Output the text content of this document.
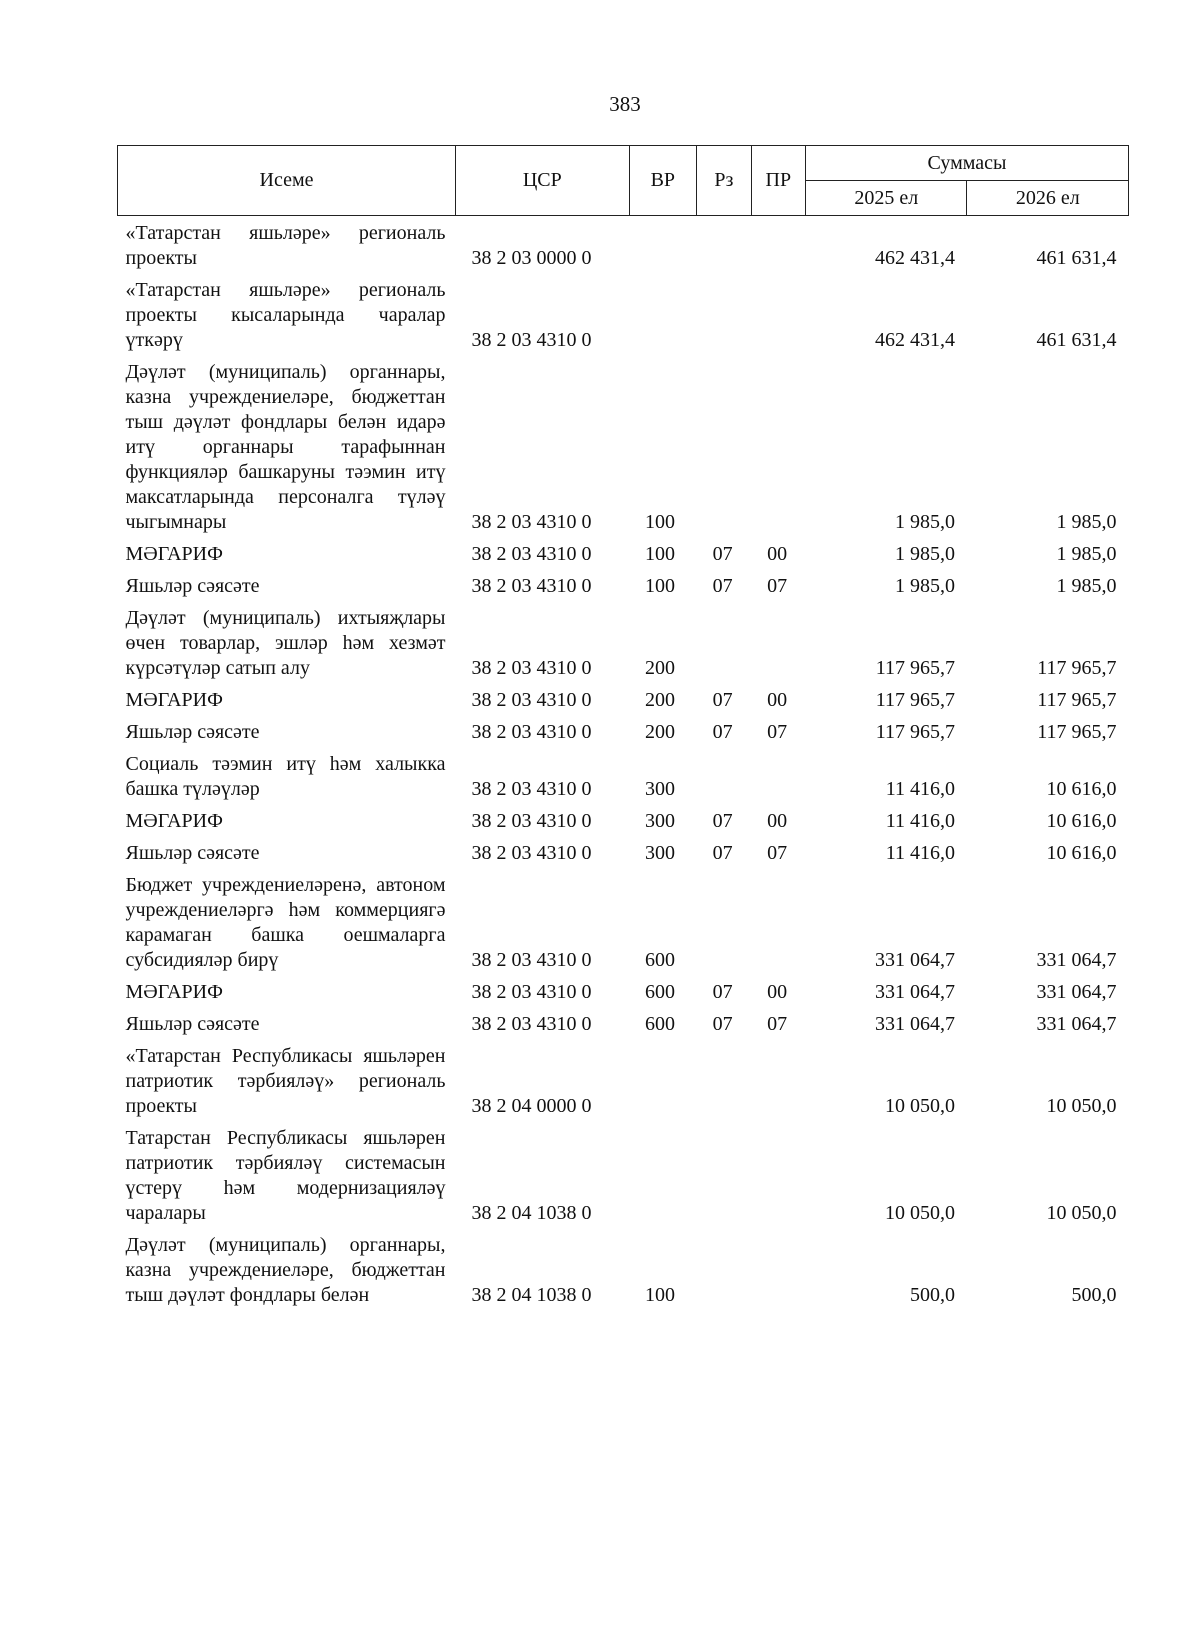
383
Исеме	ЦСР	ВР	Рз	ПР	Суммасы	
					2025 ел	2026 ел
«Татарстан яшьләре» региональ проекты	38 2 03 0000 0				462 431,4	461 631,4
«Татарстан яшьләре» региональ проекты кысаларында чаралар үткәрү	38 2 03 4310 0				462 431,4	461 631,4
Дәүләт (муниципаль) органнары, казна учреждениеләре, бюджеттан тыш дәүләт фондлары белән идарә итү органнары тарафыннан функцияләр башкаруны тәэмин итү максатларында персоналга түләү чыгымнары	38 2 03 4310 0	100			1 985,0	1 985,0
МӘГАРИФ	38 2 03 4310 0	100	07	00	1 985,0	1 985,0
Яшьләр сәясәте	38 2 03 4310 0	100	07	07	1 985,0	1 985,0
Дәүләт (муниципаль) ихтыяҗлары өчен товарлар, эшләр һәм хезмәт күрсәтүләр сатып алу	38 2 03 4310 0	200			117 965,7	117 965,7
МӘГАРИФ	38 2 03 4310 0	200	07	00	117 965,7	117 965,7
Яшьләр сәясәте	38 2 03 4310 0	200	07	07	117 965,7	117 965,7
Социаль тәэмин итү һәм халыкка башка түләүләр	38 2 03 4310 0	300			11 416,0	10 616,0
МӘГАРИФ	38 2 03 4310 0	300	07	00	11 416,0	10 616,0
Яшьләр сәясәте	38 2 03 4310 0	300	07	07	11 416,0	10 616,0
Бюджет учреждениеләренә, автоном учреждениеләргә һәм коммерциягә карамаган башка оешмаларга субсидияләр бирү	38 2 03 4310 0	600			331 064,7	331 064,7
МӘГАРИФ	38 2 03 4310 0	600	07	00	331 064,7	331 064,7
Яшьләр сәясәте	38 2 03 4310 0	600	07	07	331 064,7	331 064,7
«Татарстан Республикасы яшьләрен патриотик тәрбияләү» региональ проекты	38 2 04 0000 0				10 050,0	10 050,0
Татарстан Республикасы яшьләрен патриотик тәрбияләү системасын үстерү һәм модернизацияләү чаралары	38 2 04 1038 0				10 050,0	10 050,0
Дәүләт (муниципаль) органнары, казна учреждениеләре, бюджеттан тыш дәүләт фондлары белән	38 2 04 1038 0	100			500,0	500,0
